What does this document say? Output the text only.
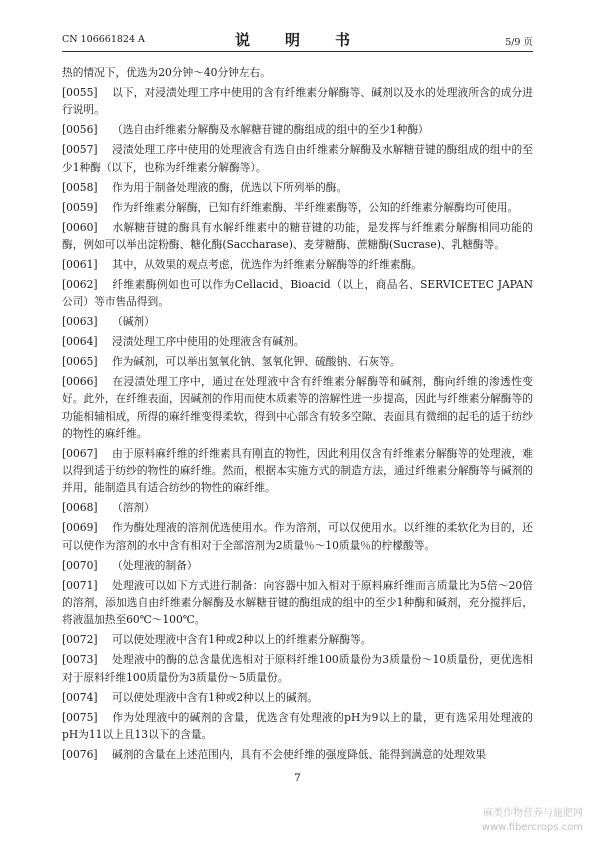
CN 106661824 A	说　明　书	5/9 页

热的情况下，优选为20分钟～40分钟左右。

[0055] 以下，对浸渍处理工序中使用的含有纤维素分解酶等、碱剂以及水的处理液所含的成分进行说明。

[0056] （选自由纤维素分解酶及水解糖苷键的酶组成的组中的至少1种酶）

[0057] 浸渍处理工序中使用的处理液含有选自由纤维素分解酶及水解糖苷键的酶组成的组中的至少1种酶（以下，也称为纤维素分解酶等）。

[0058] 作为用于制备处理液的酶，优选以下所列举的酶。

[0059] 作为纤维素分解酶，已知有纤维素酶、半纤维素酶等，公知的纤维素分解酶均可使用。

[0060] 水解糖苷键的酶具有水解纤维素中的糖苷键的功能，是发挥与纤维素分解酶相同功能的酶，例如可以举出淀粉酶、糖化酶(Saccharase)、麦芽糖酶、蔗糖酶(Sucrase)、乳糖酶等。

[0061] 其中，从效果的观点考虑，优选作为纤维素分解酶等的纤维素酶。

[0062] 纤维素酶例如也可以作为Cellacid、Bioacid（以上，商品名、SERVICETEC JAPAN公司）等市售品得到。

[0063] （碱剂）

[0064] 浸渍处理工序中使用的处理液含有碱剂。

[0065] 作为碱剂，可以举出氢氧化钠、氢氧化钾、硫酸钠、石灰等。

[0066] 在浸渍处理工序中，通过在处理液中含有纤维素分解酶等和碱剂，酶向纤维的渗透性变好。此外，在纤维表面，因碱剂的作用而使木质素等的溶解性进一步提高，因此与纤维素分解酶等的功能相辅相成，所得的麻纤维变得柔软，得到中心部含有较多空隙、表面具有微细的起毛的适于纺纱的物性的麻纤维。

[0067] 由于原料麻纤维的纤维素具有刚直的物性，因此利用仅含有纤维素分解酶等的处理液，难以得到适于纺纱的物性的麻纤维。然而，根据本实施方式的制造方法，通过纤维素分解酶等与碱剂的并用，能制造具有适合纺纱的物性的麻纤维。

[0068] （溶剂）

[0069] 作为酶处理液的溶剂优选使用水。作为溶剂，可以仅使用水。以纤维的柔软化为目的，还可以使作为溶剂的水中含有相对于全部溶剂为2质量％～10质量％的柠檬酸等。

[0070] （处理液的制备）

[0071] 处理液可以如下方式进行制备：向容器中加入相对于原料麻纤维而言质量比为5倍～20倍的溶剂，添加选自由纤维素分解酶及水解糖苷键的酶组成的组中的至少1种酶和碱剂，充分搅拌后，将液温加热至60℃～100℃。

[0072] 可以使处理液中含有1种或2种以上的纤维素分解酶等。

[0073] 处理液中的酶的总含量优选相对于原料纤维100质量份为3质量份～10质量份，更优选相对于原料纤维100质量份为3质量份～5质量份。

[0074] 可以使处理液中含有1种或2种以上的碱剂。

[0075] 作为处理液中的碱剂的含量，优选含有处理液的pH为9以上的量，更有选采用处理液的pH为11以上且13以下的含量。

[0076] 碱剂的含量在上述范围内，具有不会使纤维的强度降低、能得到满意的处理效果

7
麻类作物营养与施肥网
www.fibercrops.com
